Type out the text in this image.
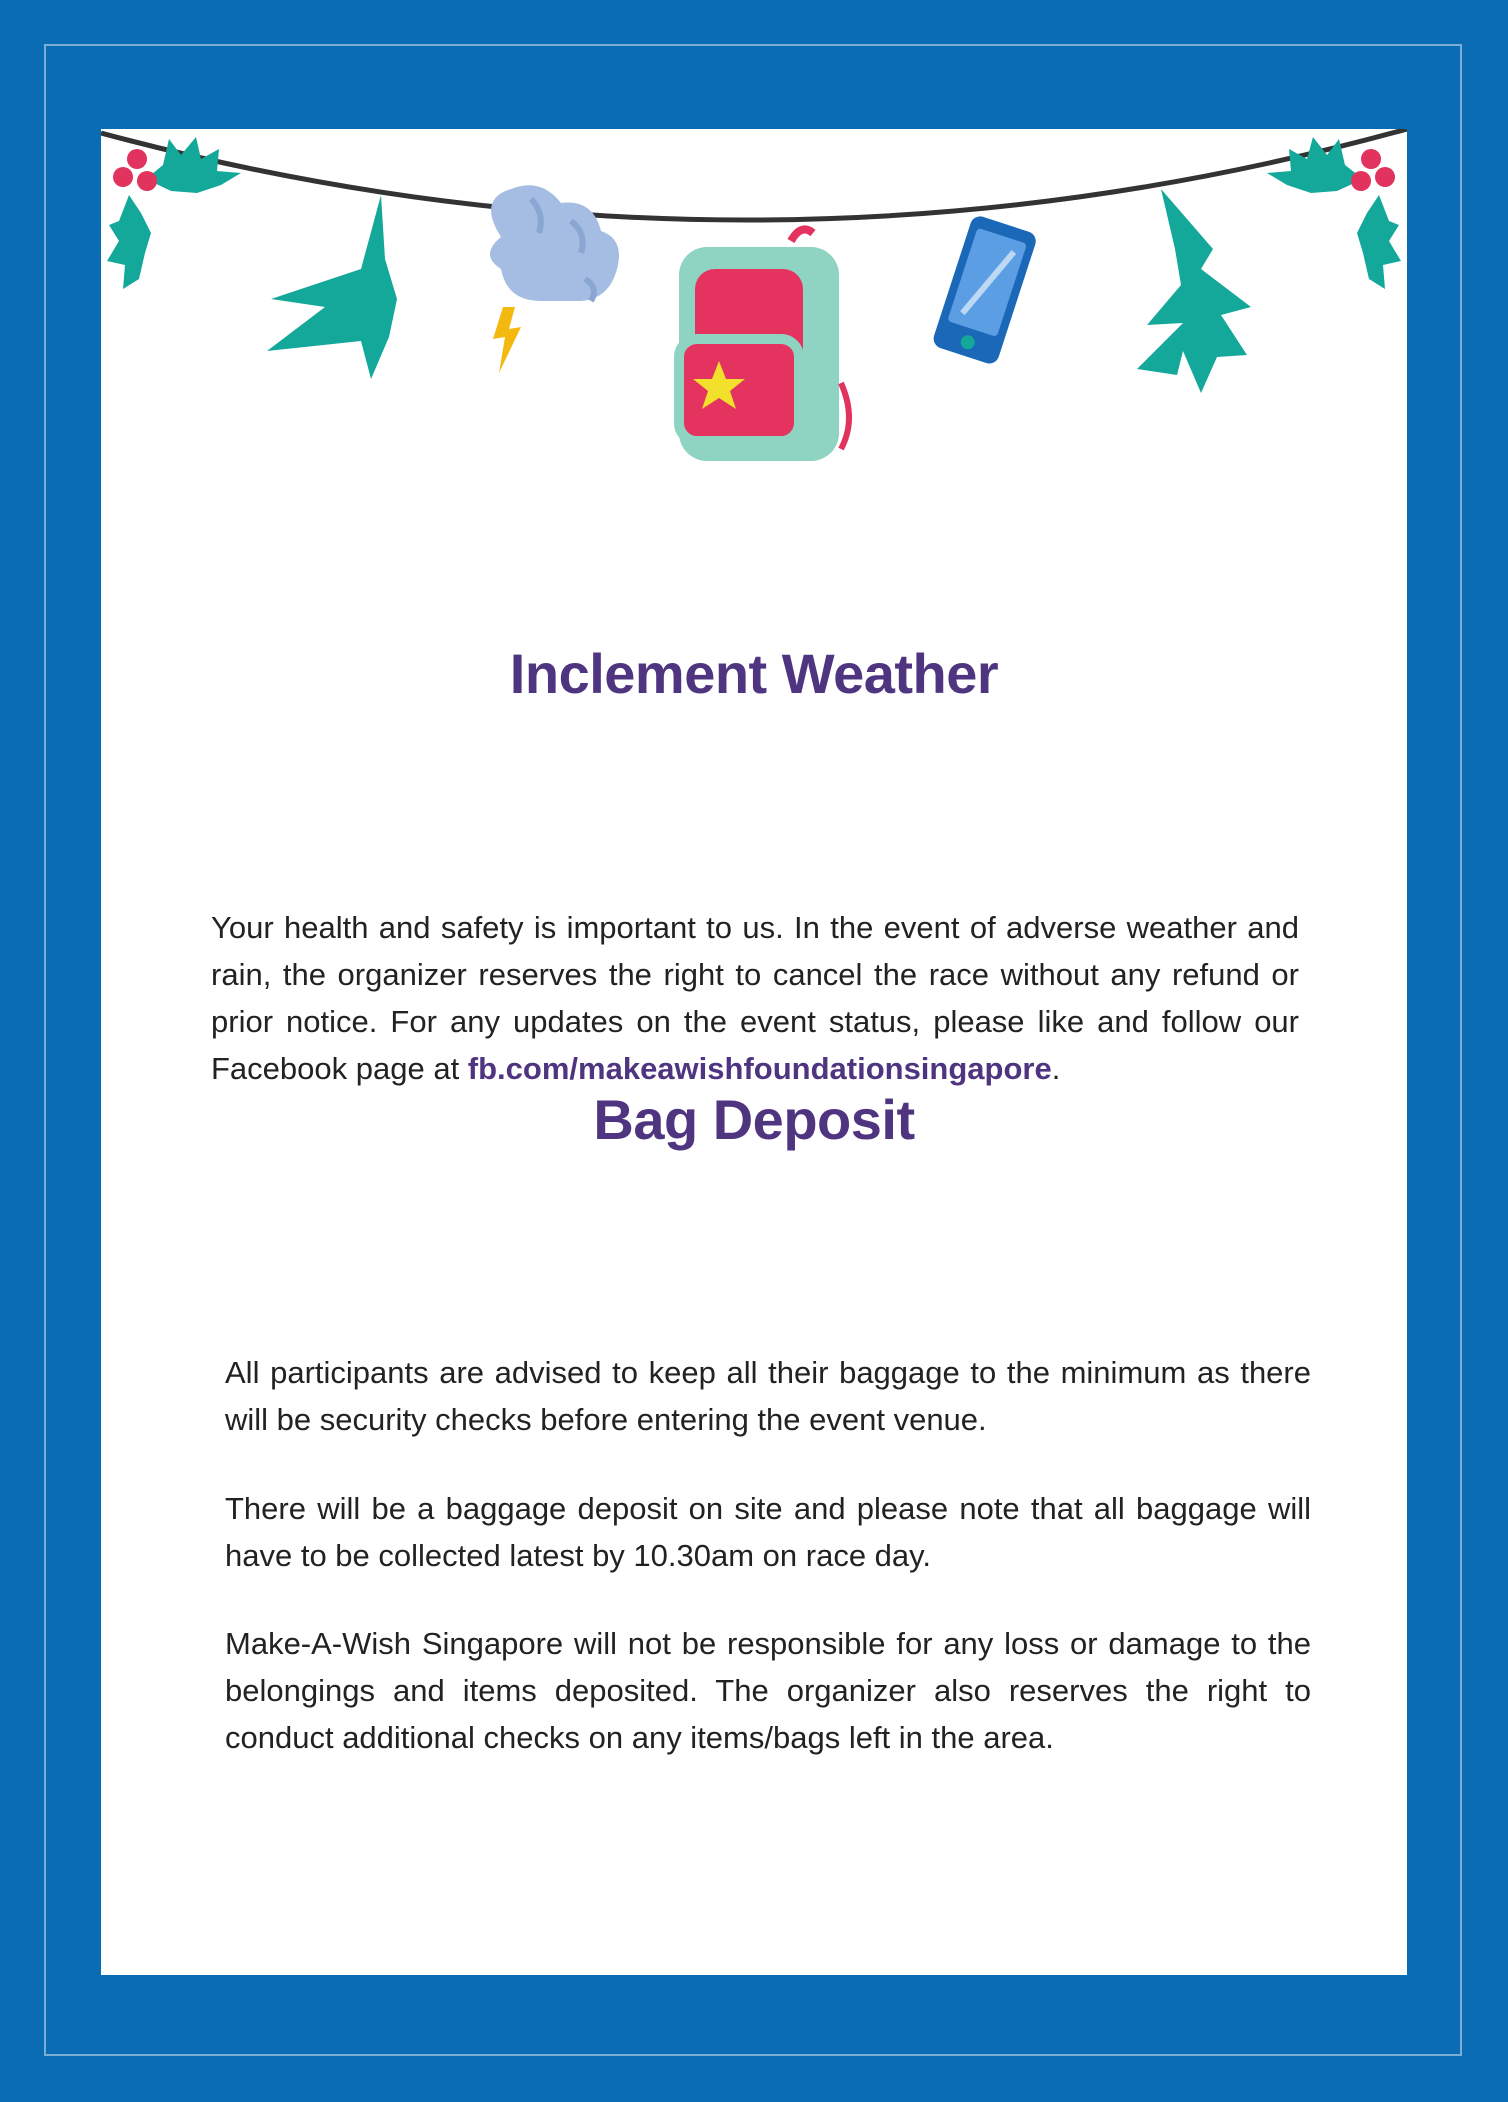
Inclement Weather

Your health and safety is important to us. In the event of adverse weather and rain, the organizer reserves the right to cancel the race without any refund or prior notice. For any updates on the event status, please like and follow our Facebook page at fb.com/makeawishfoundationsingapore.

Bag Deposit

All participants are advised to keep all their baggage to the minimum as there will be security checks before entering the event venue.

There will be a baggage deposit on site and please note that all baggage will have to be collected latest by 10.30am on race day.

Make-A-Wish Singapore will not be responsible for any loss or damage to the belongings and items deposited. The organizer also reserves the right to conduct additional checks on any items/bags left in the area.
